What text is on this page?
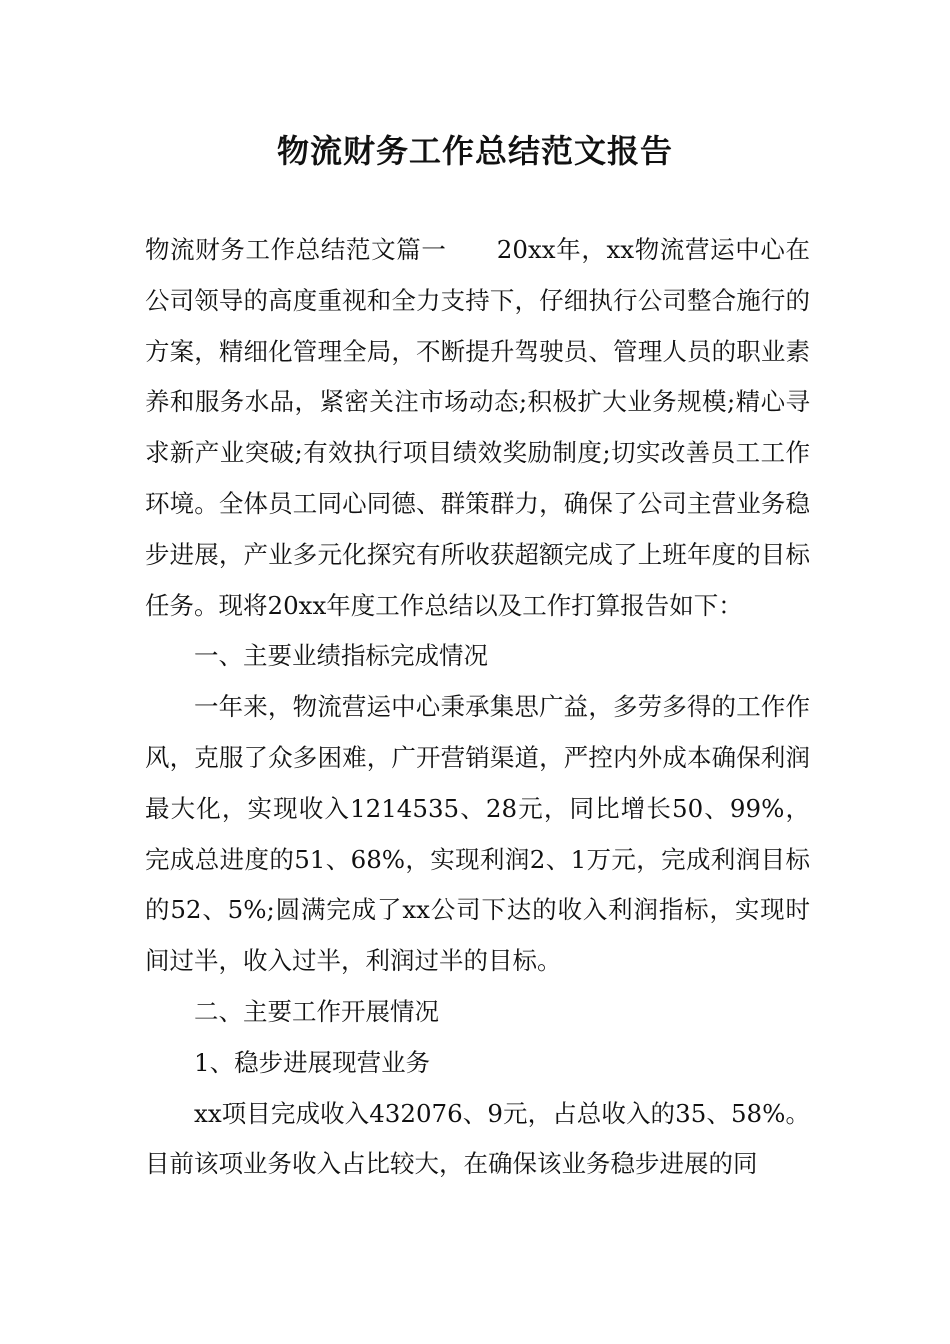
物流财务工作总结范文报告

物流财务工作总结范文篇一　　20xx年，xx物流营运中心在公司领导的高度重视和全力支持下，仔细执行公司整合施行的方案，精细化管理全局，不断提升驾驶员、管理人员的职业素养和服务水品，紧密关注市场动态;积极扩大业务规模;精心寻求新产业突破;有效执行项目绩效奖励制度;切实改善员工工作环境。全体员工同心同德、群策群力，确保了公司主营业务稳步进展，产业多元化探究有所收获超额完成了上班年度的目标任务。现将20xx年度工作总结以及工作打算报告如下：

一、主要业绩指标完成情况

一年来，物流营运中心秉承集思广益，多劳多得的工作作风，克服了众多困难，广开营销渠道，严控内外成本确保利润最大化，实现收入1214535、28元，同比增长50、99%，完成总进度的51、68%，实现利润2、1万元，完成利润目标的52、5%;圆满完成了xx公司下达的收入利润指标，实现时间过半，收入过半，利润过半的目标。

二、主要工作开展情况

1、稳步进展现营业务

xx项目完成收入432076、9元，占总收入的35、58%。目前该项业务收入占比较大，在确保该业务稳步进展的同
